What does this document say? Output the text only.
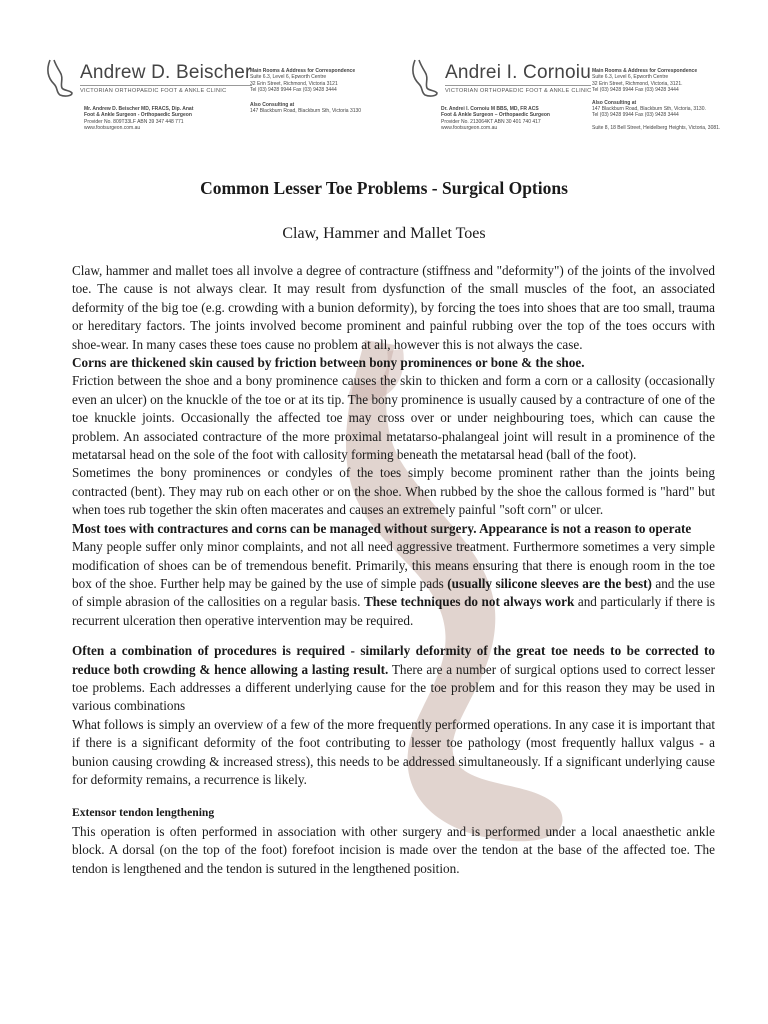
Andrew D. Beischer
VICTORIAN ORTHOPAEDIC FOOT & ANKLE CLINIC
Mr. Andrew D. Beischer MD, FRACS, Dip. Anat
Foot & Ankle Surgeon - Orthopaedic Surgeon
Provider No. 809T33LF ABN 39 347 448 771
www.footsurgeon.com.au
Main Rooms & Address for Correspondence
Suite 6.3, Level 6, Epworth Centre
32 Erin Street, Richmond, Victoria 3121
Tel (03) 9428 9944 Fax (03) 9428 3444
Also Consulting at
147 Blackburn Road, Blackburn Sth, Victoria 3130
Andrei I. Cornoiu
VICTORIAN ORTHOPAEDIC FOOT & ANKLE CLINIC
Dr. Andrei I. Cornoiu M BBS, MD, FR ACS
Foot & Ankle Surgeon – Orthopaedic Surgeon
Provider No. 213064KT ABN 30 401 740 417
www.footsurgeon.com.au
Main Rooms & Address for Correspondence
Suite 6.3, Level 6, Epworth Centre
32 Erin Street, Richmond, Victoria, 3121.
Tel (03) 9428 9944 Fax (03) 9428 3444
Also Consulting at
147 Blackburn Road, Blackburn Sth, Victoria, 3130.
Tel (03) 9428 9944 Fax (03) 9428 3444

Suite 8, 18 Bell Street, Heidelberg Heights, Victoria, 3081.
Common Lesser Toe Problems - Surgical Options
Claw, Hammer and Mallet Toes

Claw, hammer and mallet toes all involve a degree of contracture (stiffness and "deformity") of the joints of the involved toe. The cause is not always clear. It may result from dysfunction of the small muscles of the foot, an associated deformity of the big toe (e.g. crowding with a bunion deformity), by forcing the toes into shoes that are too small, trauma or hereditary factors. The joints involved become prominent and painful rubbing over the top of the toes occurs with shoe-wear. In many cases these toes cause no problem at all, however this is not always the case.

Corns are thickened skin caused by friction between bony prominences or bone & the shoe.

Friction between the shoe and a bony prominence causes the skin to thicken and form a corn or a callosity (occasionally even an ulcer) on the knuckle of the toe or at its tip. The bony prominence is usually caused by a contracture of one of the toe knuckle joints. Occasionally the affected toe may cross over or under neighbouring toes, which can cause the problem. An associated contracture of the more proximal metatarso-phalangeal joint will result in a prominence of the metatarsal head on the sole of the foot with callosity forming beneath the metatarsal head (ball of the foot).

Sometimes the bony prominences or condyles of the toes simply become prominent rather than the joints being contracted (bent). They may rub on each other or on the shoe. When rubbed by the shoe the callous formed is "hard" but when toes rub together the skin often macerates and causes an extremely painful "soft corn" or ulcer.

Most toes with contractures and corns can be managed without surgery. Appearance is not a reason to operate

Many people suffer only minor complaints, and not all need aggressive treatment. Furthermore sometimes a very simple modification of shoes can be of tremendous benefit. Primarily, this means ensuring that there is enough room in the toe box of the shoe. Further help may be gained by the use of simple pads (usually silicone sleeves are the best) and the use of simple abrasion of the callosities on a regular basis. These techniques do not always work and particularly if there is recurrent ulceration then operative intervention may be required.

Often a combination of procedures is required - similarly deformity of the great toe needs to be corrected to reduce both crowding & hence allowing a lasting result. There are a number of surgical options used to correct lesser toe problems. Each addresses a different underlying cause for the toe problem and for this reason they may be used in various combinations

What follows is simply an overview of a few of the more frequently performed operations. In any case it is important that if there is a significant deformity of the foot contributing to lesser toe pathology (most frequently hallux valgus - a bunion causing crowding & increased stress), this needs to be addressed simultaneously. If a significant underlying cause for deformity remains, a recurrence is likely.

Extensor tendon lengthening

This operation is often performed in association with other surgery and is performed under a local anaesthetic ankle block. A dorsal (on the top of the foot) forefoot incision is made over the tendon at the base of the affected toe. The tendon is lengthened and the tendon is sutured in the lengthened position.
